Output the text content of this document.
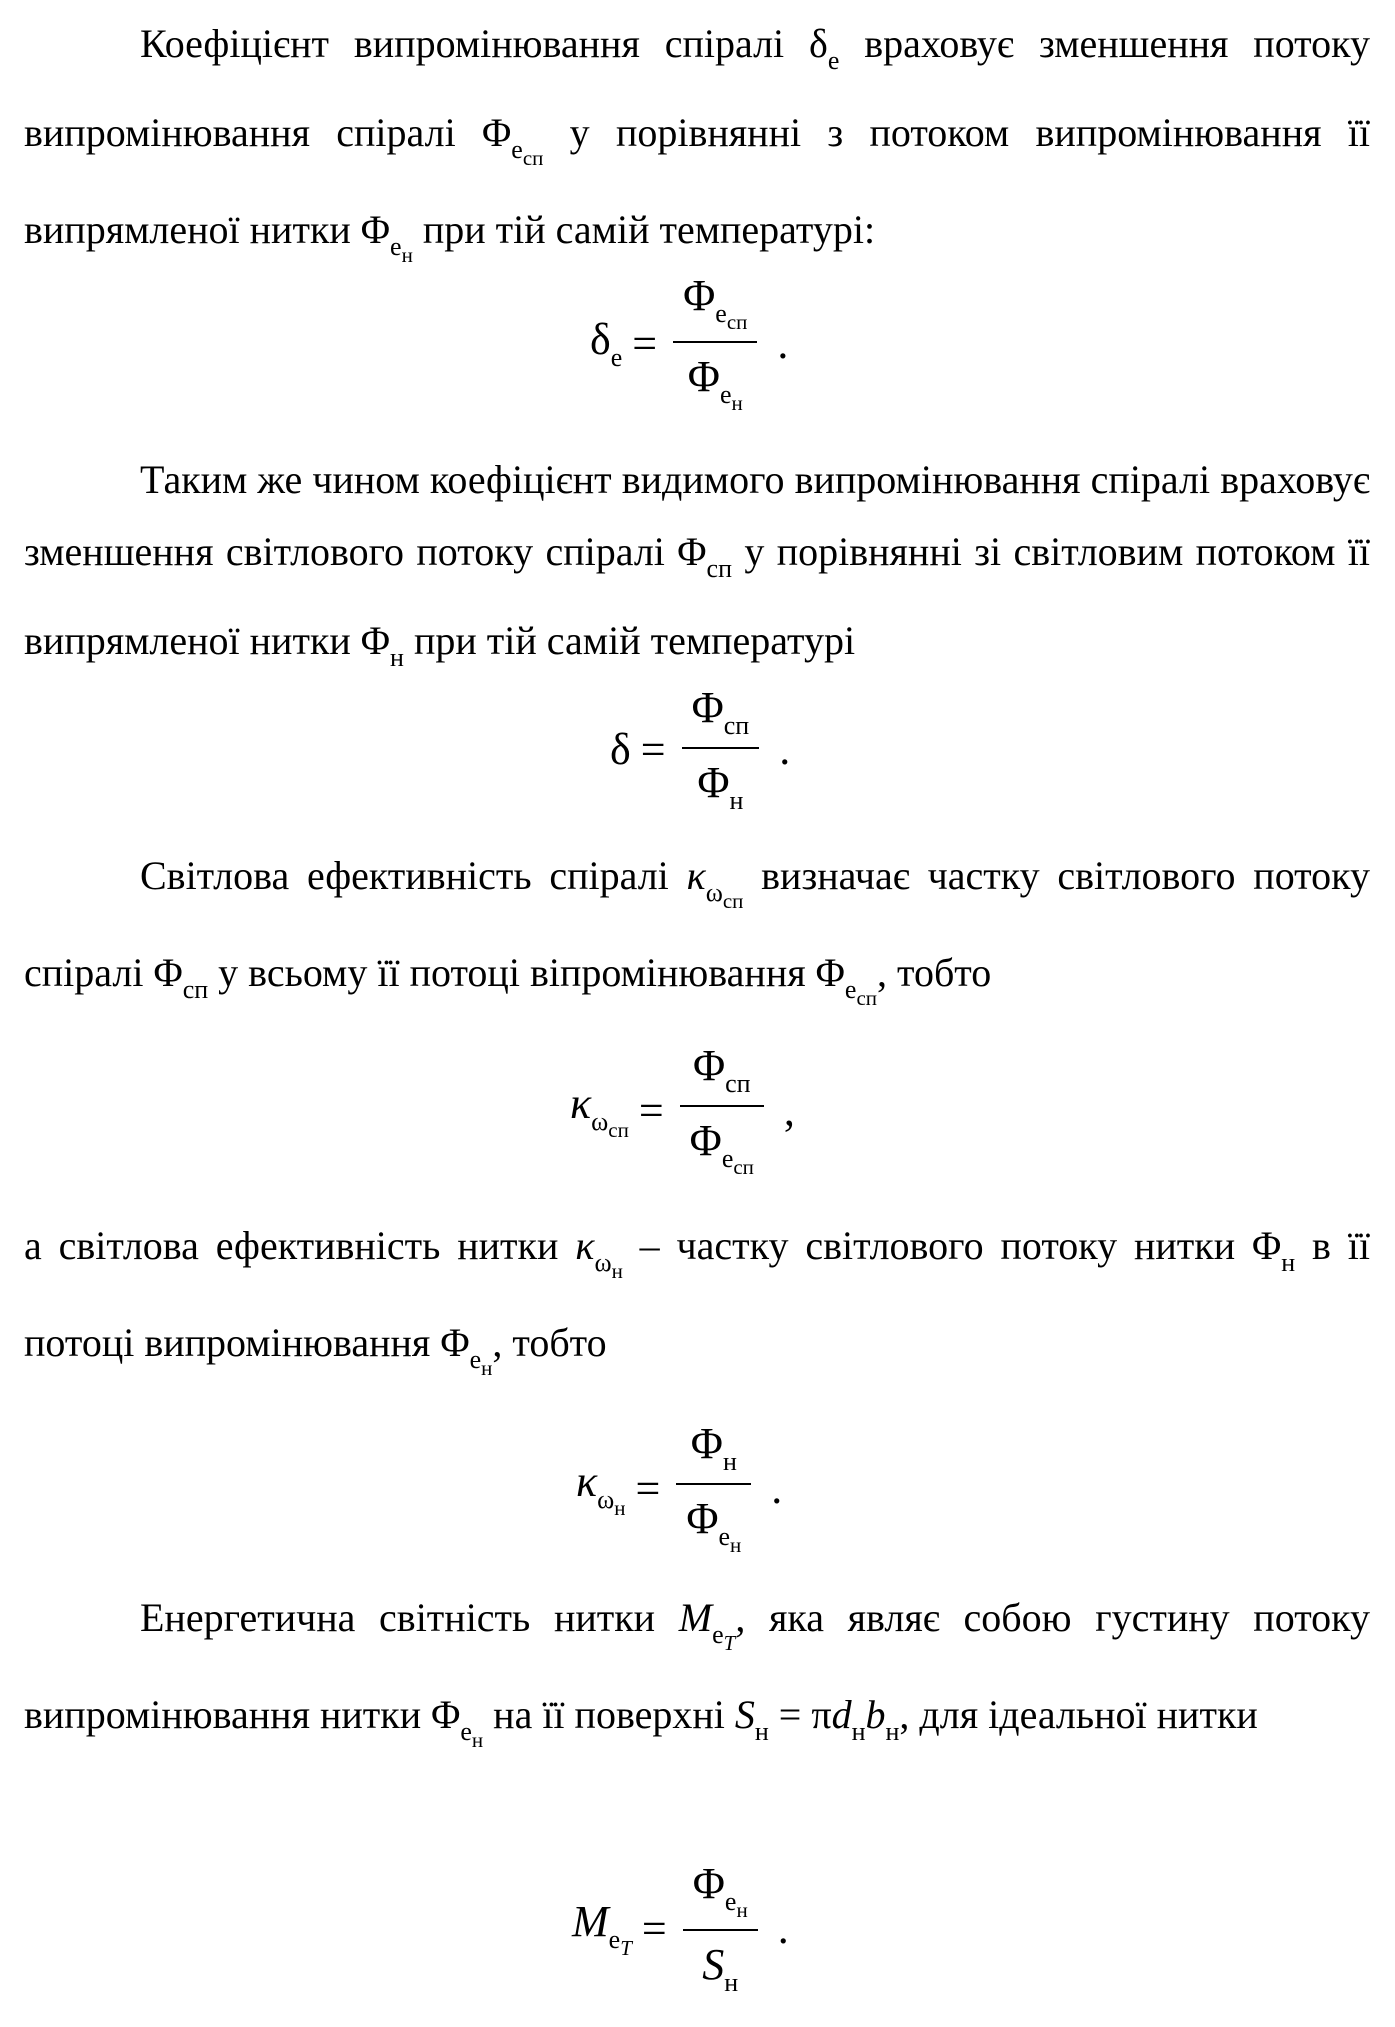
Коефіцієнт випромінювання спіралі $\delta_е$ враховує зменшення потоку випромінювання спіралі $\Phi_{е_{сп}}$ у порівнянні з потоком випромінювання її випрямленої нитки $\Phi_{е_н}$ при тій самій температурі:

$\delta_е = \frac{\Phi_{е_{сп}}}{\Phi_{е_н}}$ .

Таким же чином коефіцієнт видимого випромінювання спіралі враховує зменшення світлового потоку спіралі $\Phi_{сп}$ у порівнянні зі світловим потоком її випрямленої нитки $\Phi_н$ при тій самій температурі

$\delta = \frac{\Phi_{сп}}{\Phi_н}$ .

Світлова ефективність спіралі $\kappa_{\omega_{сп}}$ визначає частку світлового потоку спіралі $\Phi_{сп}$ у всьому її потоці віпромінювання $\Phi_{е_{сп}}$, тобто

$\kappa_{\omega_{сп}} = \frac{\Phi_{сп}}{\Phi_{е_{сп}}}$ ,

а світлова ефективність нитки $\kappa_{\omega_н}$ – частку світлового потоку нитки $\Phi_н$ в її потоці випромінювання $\Phi_{е_н}$, тобто

$\kappa_{\omega_н} = \frac{\Phi_н}{\Phi_{е_н}}$ .

Енергетична світність нитки $M_{е_T}$, яка являє собою густину потоку випромінювання нитки $\Phi_{е_н}$ на її поверхні $S_н = \pi d_нb_н$, для ідеальної нитки

$M_{е_T} = \frac{\Phi_{е_н}}{S_н}$ .
